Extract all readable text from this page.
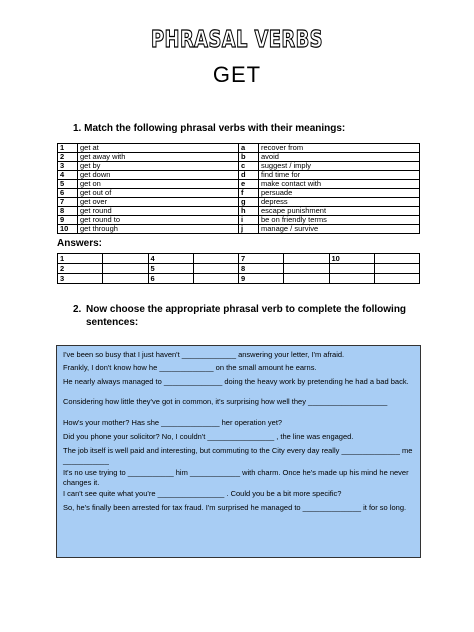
PHRASAL VERBS
GET
1. Match the following phrasal verbs with their meanings:
1	get at	a	recover from
2	get away with	b	avoid
3	get by	c	suggest / imply
4	get down	d	find time for
5	get on	e	make contact with
6	get out of	f	persuade
7	get over	g	depress
8	get round	h	escape punishment
9	get round to	i	be on friendly terms
10	get through	j	manage / survive
Answers:
1		4		7		10	
2		5		8			
3		6		9			
2. Now choose the appropriate phrasal verb to complete the following sentences:
I've been so busy that I just haven't _____________ answering your letter, I'm afraid.
Frankly, I don't know how he _____________ on the small amount he earns.
He nearly always managed to ______________ doing the heavy work by pretending he had a bad back.
Considering how little they've got in common, it's surprising how well they ___________________
How's your mother? Has she ______________ her operation yet?
Did you phone your solicitor? No, I couldn't ________________ , the line was engaged.
The job itself is well paid and interesting, but commuting to the City every day really ______________ me ___________
It's no use trying to ___________ him ____________ with charm. Once he's made up his mind he never changes it.
I can't see quite what you're ________________ . Could you be a bit more specific?
So, he's finally been arrested for tax fraud. I'm surprised he managed to ______________ it for so long.
